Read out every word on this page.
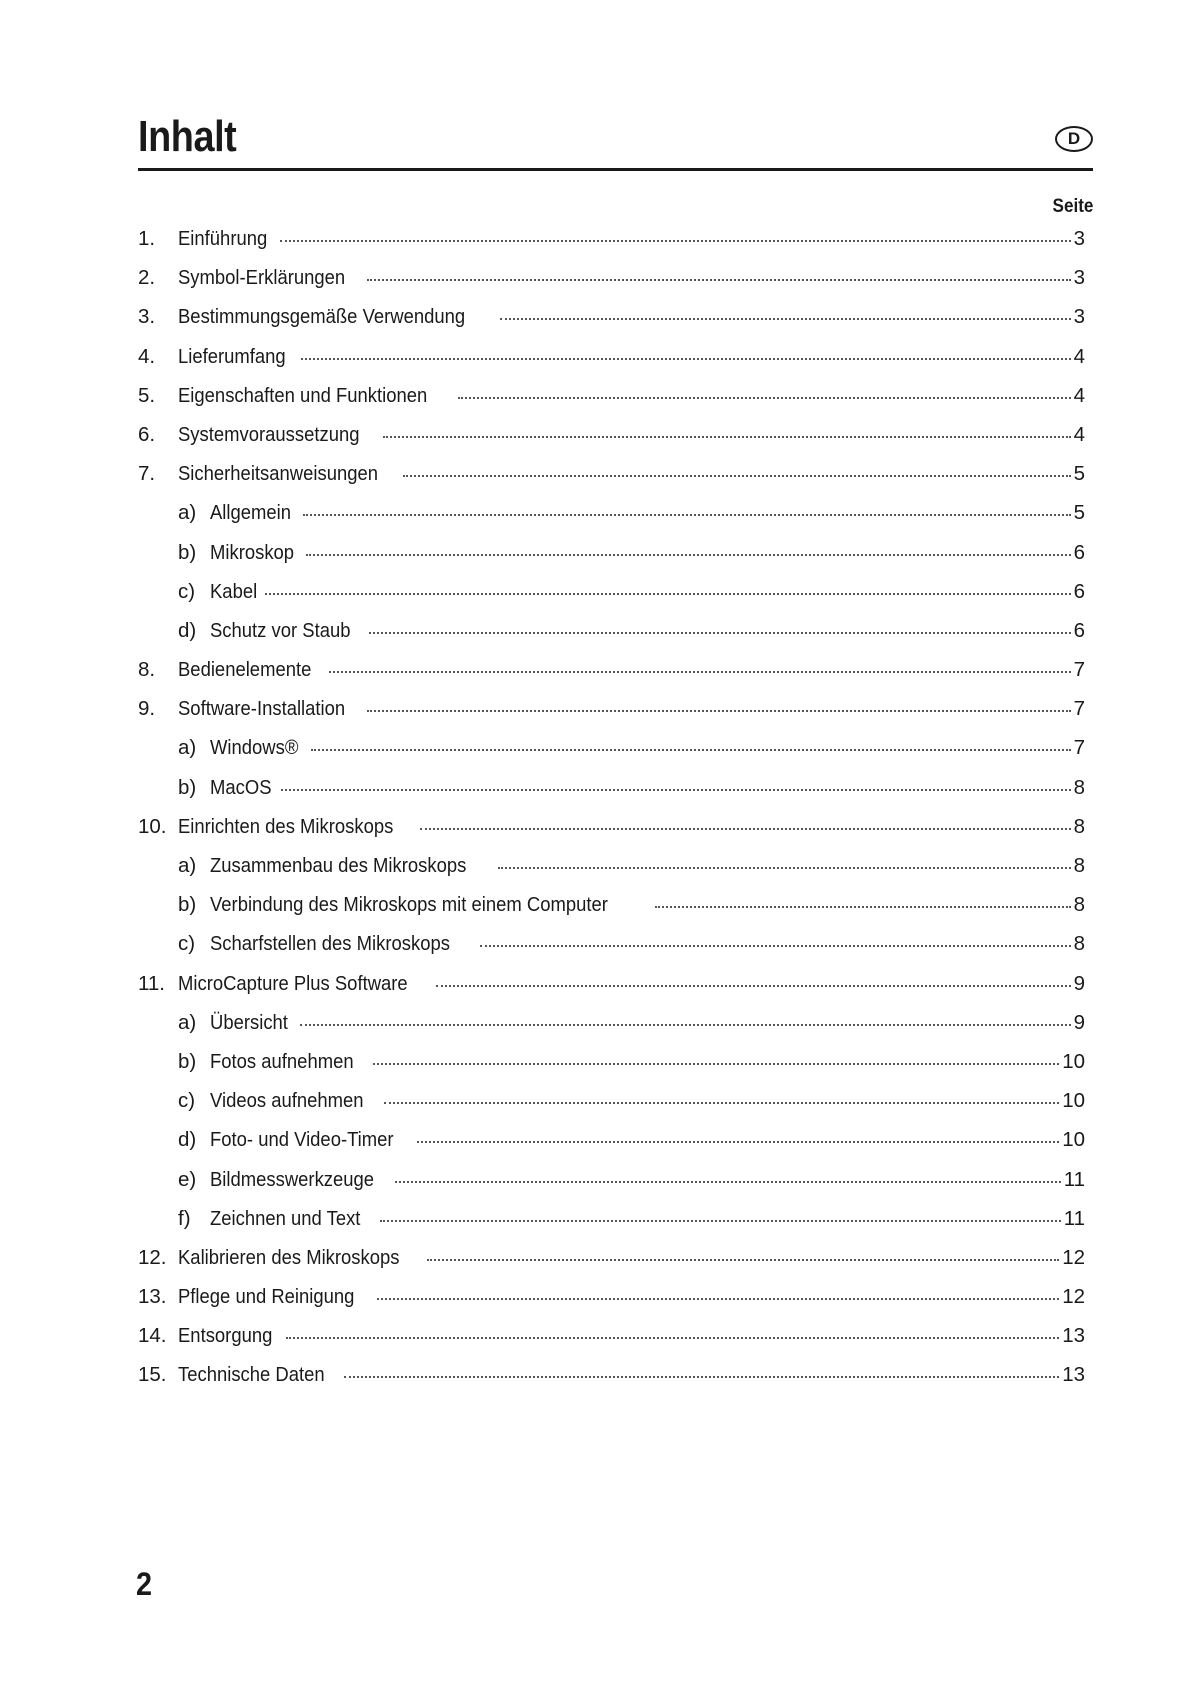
Inhalt	D
Seite
1.	Einführung	3
2.	Symbol-Erklärungen	3
3.	Bestimmungsgemäße Verwendung	3
4.	Lieferumfang	4
5.	Eigenschaften und Funktionen	4
6.	Systemvoraussetzung	4
7.	Sicherheitsanweisungen	5
a) Allgemein	5
b) Mikroskop	6
c) Kabel	6
d) Schutz vor Staub	6
8.	Bedienelemente	7
9.	Software-Installation	7
a) Windows®	7
b) MacOS	8
10. Einrichten des Mikroskops	8
a) Zusammenbau des Mikroskops	8
b) Verbindung des Mikroskops mit einem Computer	8
c) Scharfstellen des Mikroskops	8
11. MicroCapture Plus Software	9
a) Übersicht	9
b) Fotos aufnehmen	10
c) Videos aufnehmen	10
d) Foto- und Video-Timer	10
e) Bildmesswerkzeuge	11
f) Zeichnen und Text	11
12. Kalibrieren des Mikroskops	12
13. Pflege und Reinigung	12
14. Entsorgung	13
15. Technische Daten	13
2
